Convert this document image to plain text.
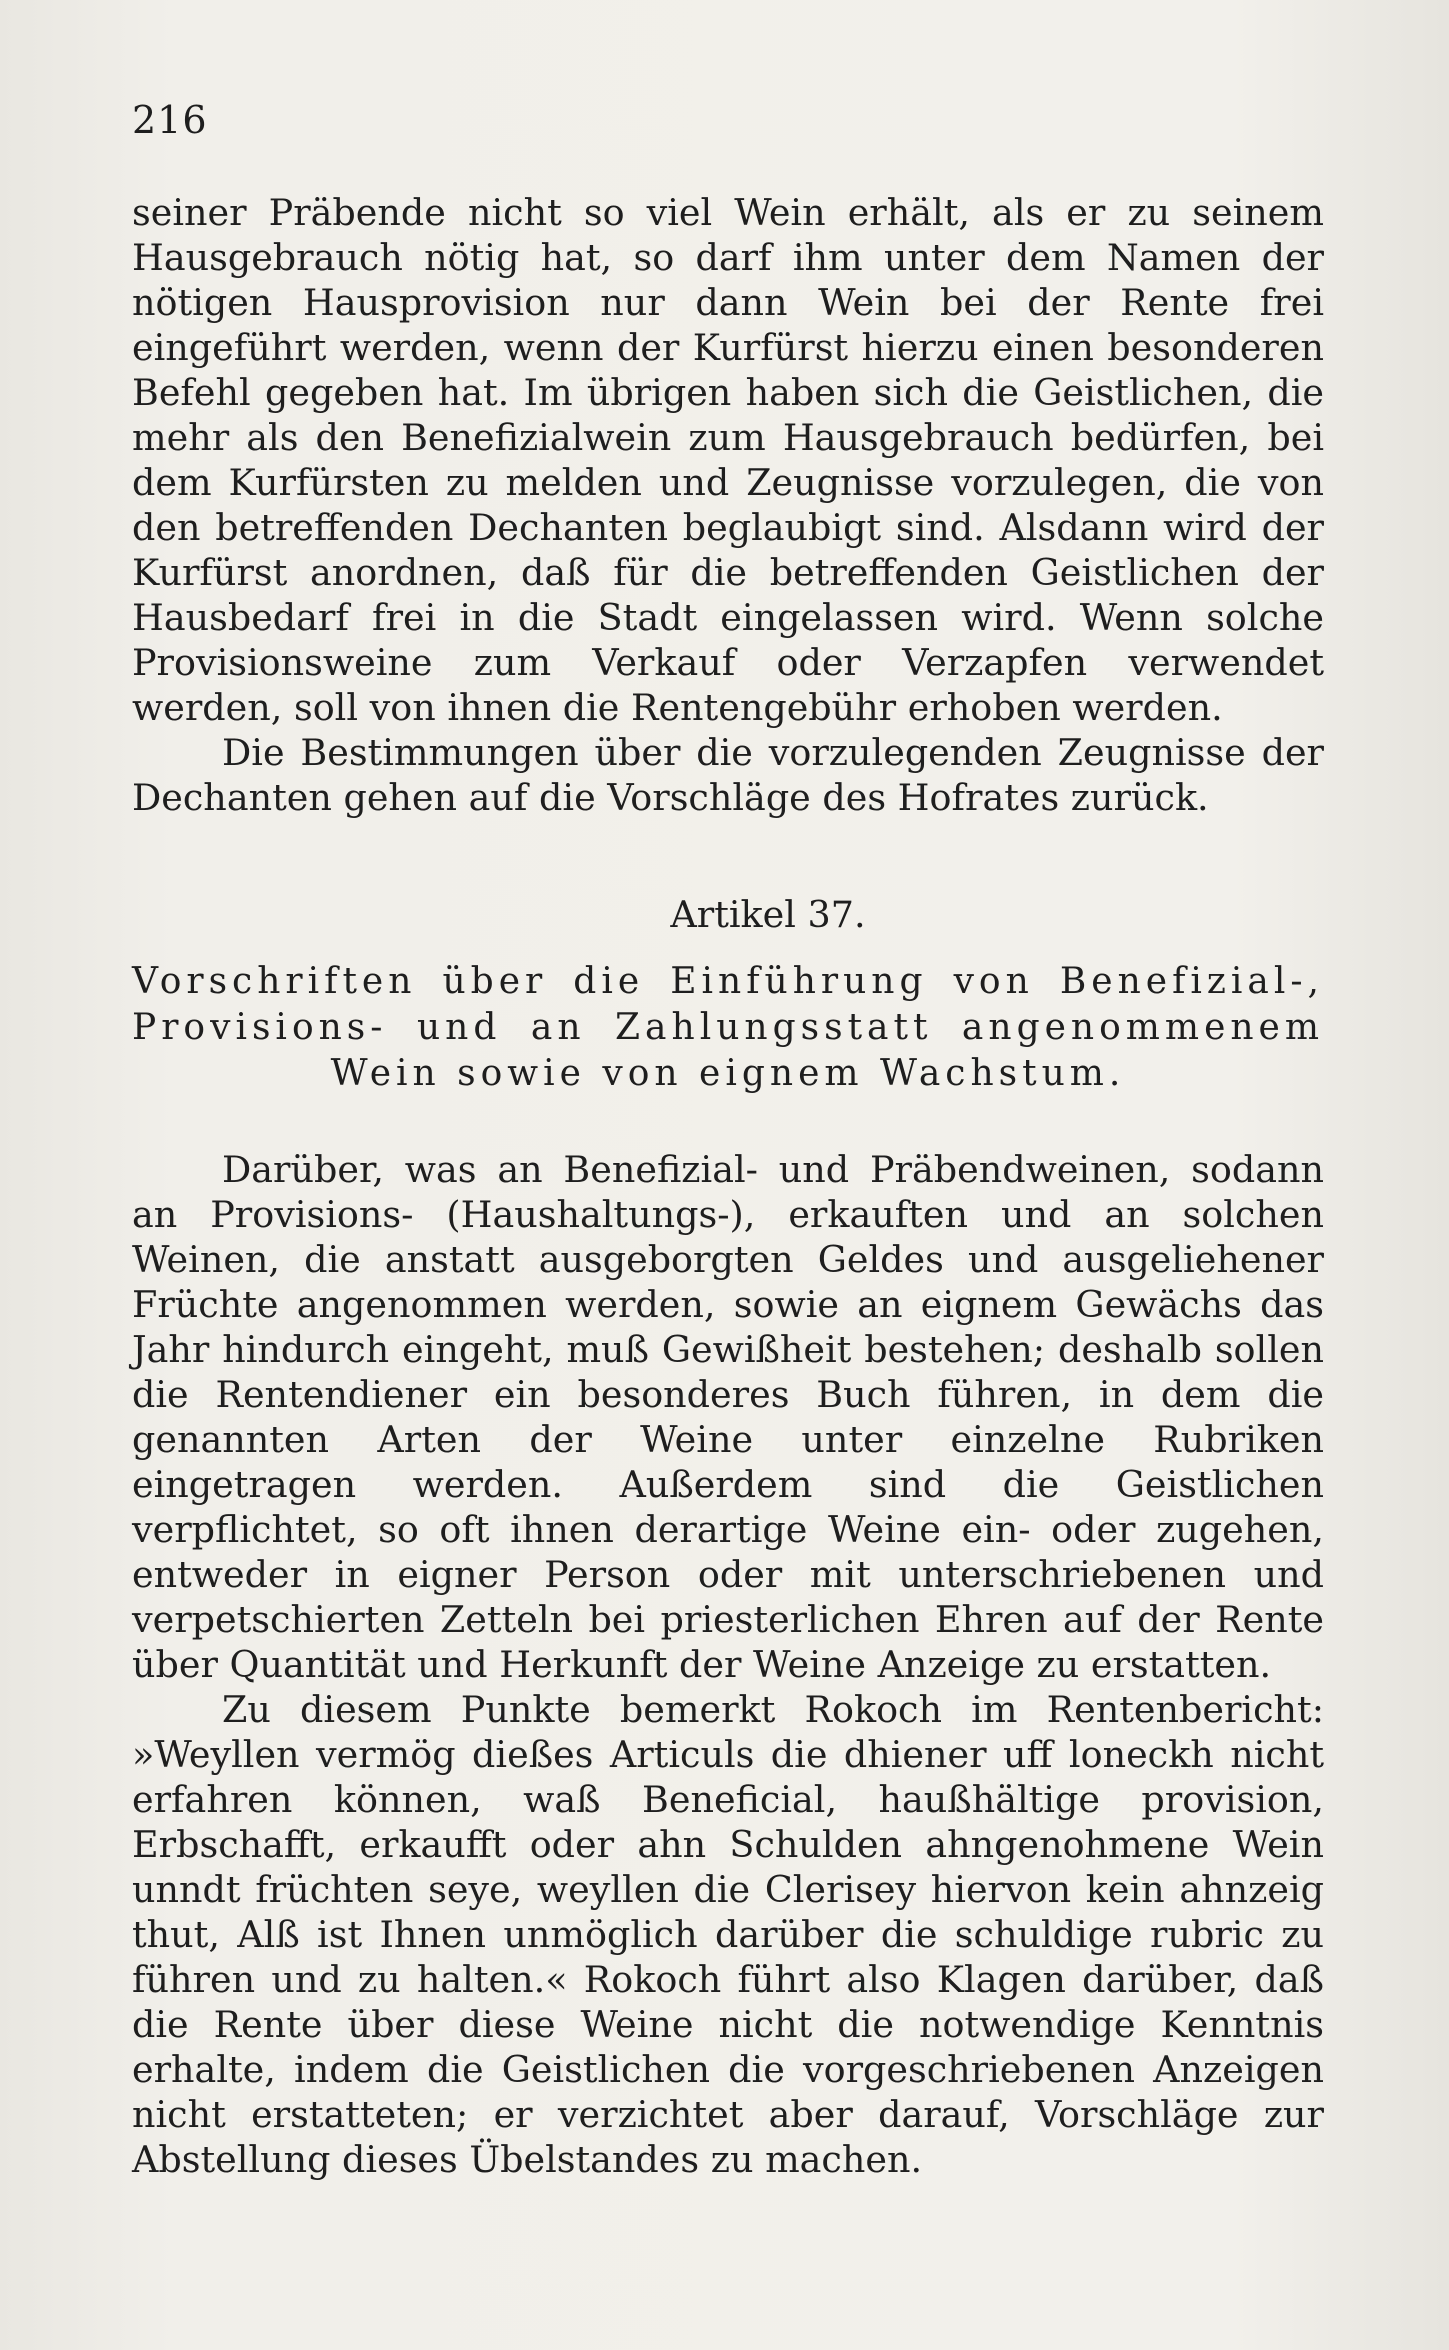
216

seiner Präbende nicht so viel Wein erhält, als er zu seinem Hausgebrauch nötig hat, so darf ihm unter dem Namen der nötigen Hausprovision nur dann Wein bei der Rente frei eingeführt werden, wenn der Kurfürst hierzu einen besonderen Befehl gegeben hat. Im übrigen haben sich die Geistlichen, die mehr als den Benefizialwein zum Hausgebrauch bedürfen, bei dem Kurfürsten zu melden und Zeugnisse vorzulegen, die von den betreffenden Dechanten beglaubigt sind. Alsdann wird der Kurfürst anordnen, daß für die betreffenden Geistlichen der Hausbedarf frei in die Stadt eingelassen wird. Wenn solche Provisionsweine zum Verkauf oder Verzapfen verwendet werden, soll von ihnen die Rentengebühr erhoben werden.

Die Bestimmungen über die vorzulegenden Zeugnisse der Dechanten gehen auf die Vorschläge des Hofrates zurück.

Artikel 37.
Vorschriften über die Einführung von Benefizial-,
Provisions- und an Zahlungsstatt angenommenem
Wein sowie von eignem Wachstum.

Darüber, was an Benefizial- und Präbendweinen, sodann an Provisions- (Haushaltungs-), erkauften und an solchen Weinen, die anstatt ausgeborgten Geldes und ausgeliehener Früchte angenommen werden, sowie an eignem Gewächs das Jahr hindurch eingeht, muß Gewißheit bestehen; deshalb sollen die Rentendiener ein besonderes Buch führen, in dem die genannten Arten der Weine unter einzelne Rubriken eingetragen werden. Außerdem sind die Geistlichen verpflichtet, so oft ihnen derartige Weine ein- oder zugehen, entweder in eigner Person oder mit unterschriebenen und verpetschierten Zetteln bei priesterlichen Ehren auf der Rente über Quantität und Herkunft der Weine Anzeige zu erstatten.

Zu diesem Punkte bemerkt Rokoch im Rentenbericht: »Weyllen vermög dießes Articuls die dhiener uff loneckh nicht erfahren können, waß Beneficial, haußhältige provision, Erbschafft, erkaufft oder ahn Schulden ahngenohmene Wein unndt früchten seye, weyllen die Clerisey hiervon kein ahnzeig thut, Alß ist Ihnen unmöglich darüber die schuldige rubric zu führen und zu halten.« Rokoch führt also Klagen darüber, daß die Rente über diese Weine nicht die notwendige Kenntnis erhalte, indem die Geistlichen die vorgeschriebenen Anzeigen nicht erstatteten; er verzichtet aber darauf, Vorschläge zur Abstellung dieses Übelstandes zu machen.
